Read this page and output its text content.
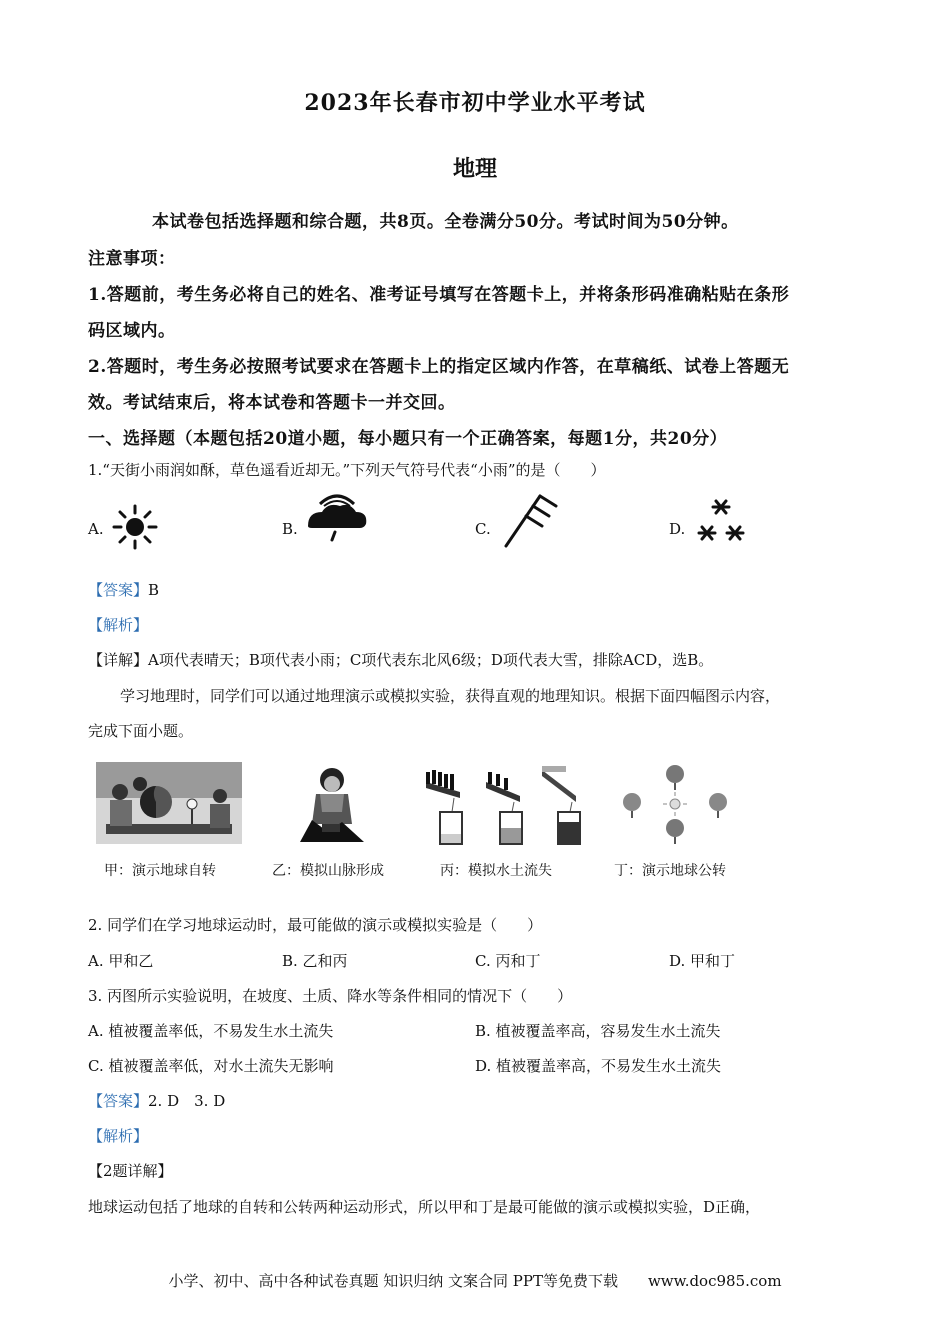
2023年长春市初中学业水平考试
地理
本试卷包括选择题和综合题，共8页。全卷满分50分。考试时间为50分钟。
注意事项：
1.答题前，考生务必将自己的姓名、准考证号填写在答题卡上，并将条形码准确粘贴在条形
码区域内。
2.答题时，考生务必按照考试要求在答题卡上的指定区域内作答，在草稿纸、试卷上答题无
效。考试结束后，将本试卷和答题卡一并交回。
一、选择题（本题包括20道小题，每小题只有一个正确答案，每题1分，共20分）
1.“天街小雨润如酥，草色遥看近却无。”下列天气符号代表“小雨”的是（　　）
A.	B.	C.	D.
【答案】B
【解析】
【详解】A项代表晴天；B项代表小雨；C项代表东北风6级；D项代表大雪，排除ACD，选B。
学习地理时，同学们可以通过地理演示或模拟实验，获得直观的地理知识。根据下面四幅图示内容，
完成下面小题。
甲：演示地球自转	乙：模拟山脉形成	丙：模拟水土流失	丁：演示地球公转
2. 同学们在学习地球运动时，最可能做的演示或模拟实验是（　　）
A. 甲和乙	B. 乙和丙	C. 丙和丁	D. 甲和丁
3. 丙图所示实验说明，在坡度、土质、降水等条件相同的情况下（　　）
A. 植被覆盖率低，不易发生水土流失	B. 植被覆盖率高，容易发生水土流失
C. 植被覆盖率低，对水土流失无影响	D. 植被覆盖率高，不易发生水土流失
【答案】2. D　3. D
【解析】
【2题详解】
地球运动包括了地球的自转和公转两种运动形式，所以甲和丁是最可能做的演示或模拟实验，D正确，
小学、初中、高中各种试卷真题 知识归纳 文案合同 PPT等免费下载　　www.doc985.com
